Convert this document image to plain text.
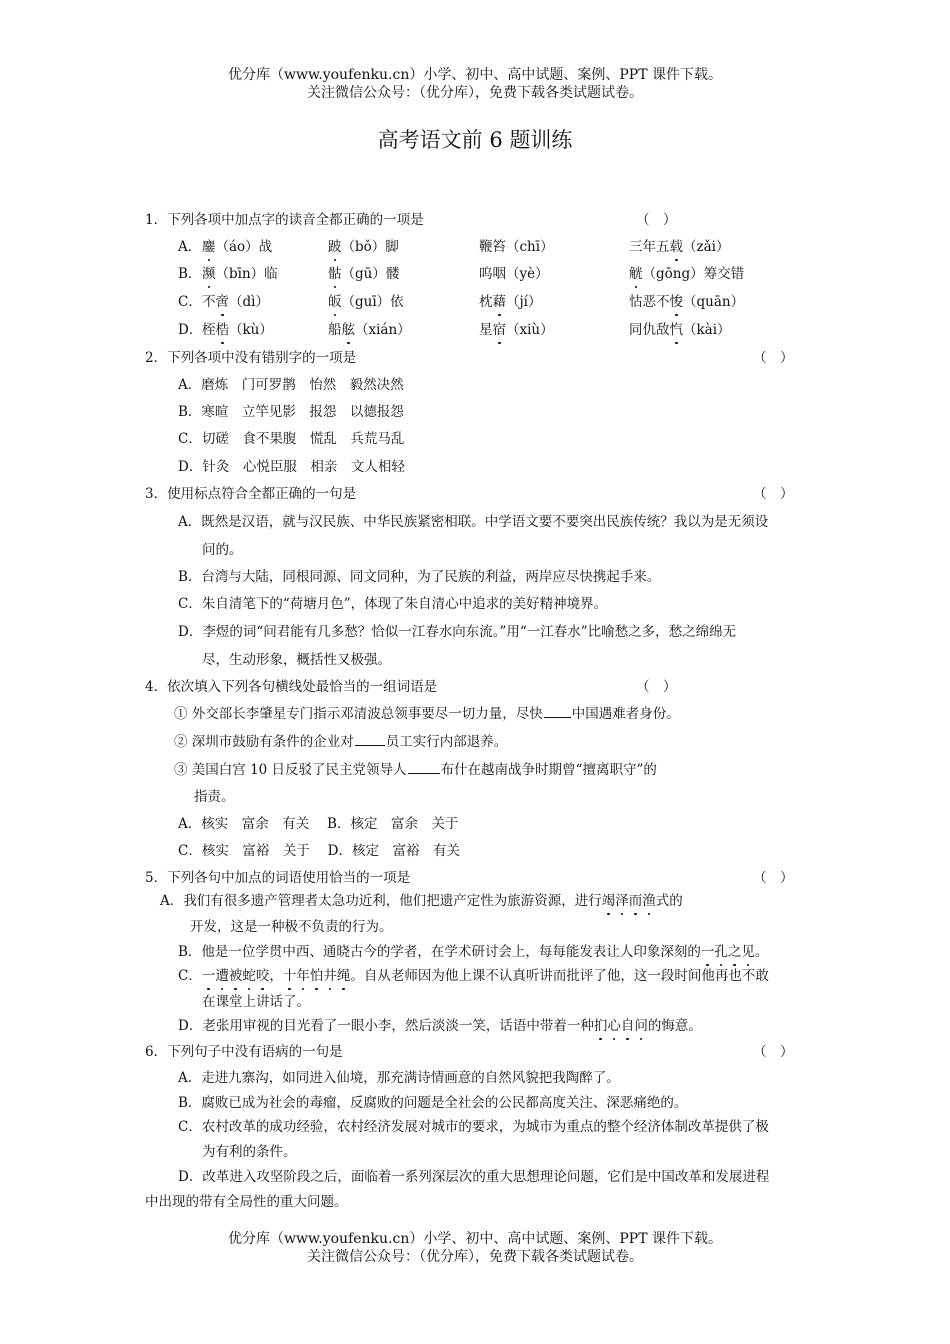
优分库（www.youfenku.cn）小学、初中、高中试题、案例、PPT 课件下载。
关注微信公众号：（优分库），免费下载各类试题试卷。
高考语文前 6 题训练
1．下列各项中加点字的读音全都正确的一项是	（　）
A． 鏖（áo）战	跛（bǒ）脚	鞭笞（chī）	三年五载（zǎi）
B． 濒（bīn）临	骷（gū）髅	呜咽（yè）	觥（gōng）筹交错
C． 不啻（dì）	皈（guī）依	枕藉（jí）	怙恶不悛（quān）
D． 桎梏（kù）	船舷（xián）	星宿（xiù）	同仇敌忾（kài）
2．下列各项中没有错别字的一项是	（　）
A．磨炼　门可罗鹊　怡然　毅然决然
B．寒暄　立竿见影　报怨　以德报怨
C．切磋　食不果腹　慌乱　兵荒马乱
D．针灸　心悦臣服　相亲　文人相轻
3．使用标点符合全都正确的一句是	（　）
A．既然是汉语，就与汉民族、中华民族紧密相联。中学语文要不要突出民族传统？我以为是无须设
问的。
B．台湾与大陆，同根同源、同文同种，为了民族的利益，两岸应尽快携起手来。
C．朱自清笔下的“荷塘月色”，体现了朱自清心中追求的美好精神境界。
D．李煜的词“问君能有几多愁？恰似一江春水向东流。”用“一江春水”比喻愁之多，愁之绵绵无
尽，生动形象，概括性又极强。
4．依次填入下列各句横线处最恰当的一组词语是	（　）
① 外交部长李肇星专门指示邓清波总领事要尽一切力量，尽快 中国遇难者身份。
② 深圳市鼓励有条件的企业对 员工实行内部退养。
③ 美国白宫 10 日反驳了民主党领导人	布什在越南战争时期曾“擅离职守”的
指责。
A．核实　富余　有关　 B．核定　富余　关于
C．核实　富裕　关于　 D．核定　富裕　有关
5．下列各句中加点的词语使用恰当的一项是	（　）
A．我们有很多遗产管理者太急功近利，他们把遗产定性为旅游资源，进行竭泽而渔式的
开发，这是一种极不负责的行为。
B．他是一位学贯中西、通晓古今的学者，在学术研讨会上，每每能发表让人印象深刻的一孔之见。
C．一遭被蛇咬，十年怕井绳。自从老师因为他上课不认真听讲而批评了他，这一段时间他再也不敢
在课堂上讲话了。
D．老张用审视的目光看了一眼小李，然后淡淡一笑，话语中带着一种扪心自问的悔意。
6．下列句子中没有语病的一句是	（　）
A．走进九寨沟，如同进入仙境，那充满诗情画意的自然风貌把我陶醉了。
B．腐败已成为社会的毒瘤，反腐败的问题是全社会的公民都高度关注、深恶痛绝的。
C．农村改革的成功经验，农村经济发展对城市的要求，为城市为重点的整个经济体制改革提供了极
为有利的条件。
D．改革进入攻坚阶段之后，面临着一系列深层次的重大思想理论问题，它们是中国改革和发展进程
中出现的带有全局性的重大问题。
优分库（www.youfenku.cn）小学、初中、高中试题、案例、PPT 课件下载。
关注微信公众号：（优分库），免费下载各类试题试卷。
